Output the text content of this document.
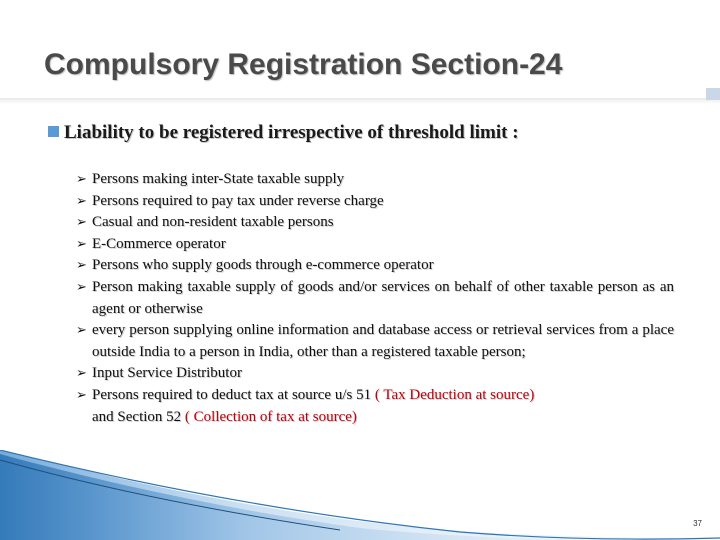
Compulsory Registration Section-24
Liability to be registered irrespective of threshold limit :
➢ Persons making inter-State taxable supply
➢ Persons required to pay tax under reverse charge
➢ Casual and non-resident taxable persons
➢ E-Commerce operator
➢ Persons who supply goods through e-commerce operator
➢ Person making taxable supply of goods and/or services on behalf of other taxable person as an agent or otherwise
➢ every person supplying online information and database access or retrieval services from a place outside India to a person in India, other than a registered taxable person;
➢ Input Service Distributor
➢ Persons required to deduct tax at source u/s 51 ( Tax Deduction at source)
and Section 52 ( Collection of tax at source)
37
